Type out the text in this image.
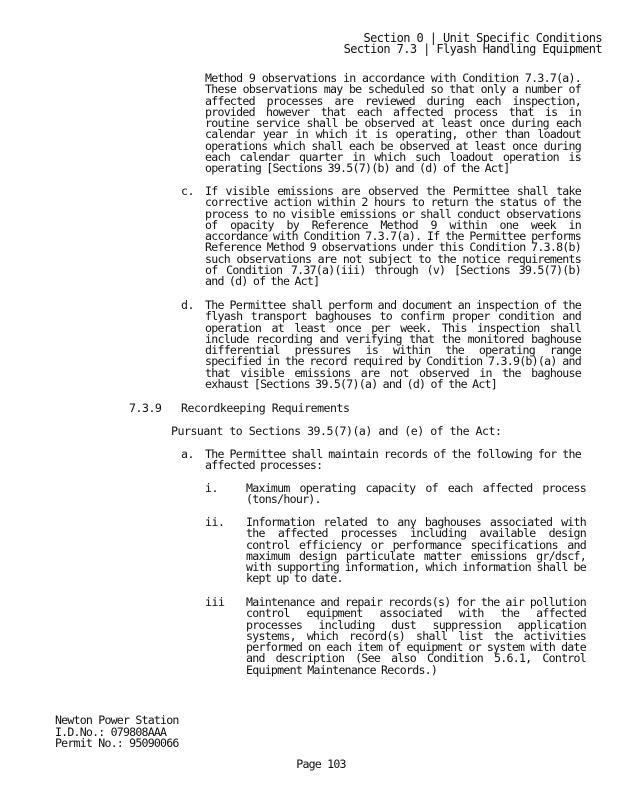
Section 0 | Unit Specific Conditions
Section 7.3 | Flyash Handling Equipment
Method 9 observations in accordance with Condition 7.3.7(a). These observations may be scheduled so that only a number of affected processes are reviewed during each inspection, provided however that each affected process that is in routine service shall be observed at least once during each calendar year in which it is operating, other than loadout operations which shall each be observed at least once during each calendar quarter in which such loadout operation is operating [Sections 39.5(7)(b) and (d) of the Act]
c. If visible emissions are observed the Permittee shall take corrective action within 2 hours to return the status of the process to no visible emissions or shall conduct observations of opacity by Reference Method 9 within one week in accordance with Condition 7.3.7(a). If the Permittee performs Reference Method 9 observations under this Condition 7.3.8(b) such observations are not subject to the notice requirements of Condition 7.37(a)(iii) through (v) [Sections 39.5(7)(b) and (d) of the Act]
d. The Permittee shall perform and document an inspection of the flyash transport baghouses to confirm proper condition and operation at least once per week. This inspection shall include recording and verifying that the monitored baghouse differential pressures is within the operating range specified in the record required by Condition 7.3.9(b)(a) and that visible emissions are not observed in the baghouse exhaust [Sections 39.5(7)(a) and (d) of the Act]
7.3.9 Recordkeeping Requirements
Pursuant to Sections 39.5(7)(a) and (e) of the Act:
a. The Permittee shall maintain records of the following for the affected processes:
i. Maximum operating capacity of each affected process (tons/hour).
ii. Information related to any baghouses associated with the affected processes including available design control efficiency or performance specifications and maximum design particulate matter emissions gr/dscf, with supporting information, which information shall be kept up to date.
iii Maintenance and repair records(s) for the air pollution control equipment associated with the affected processes including dust suppression application systems, which record(s) shall list the activities performed on each item of equipment or system with date and description (See also Condition 5.6.1, Control Equipment Maintenance Records.)
Newton Power Station
I.D.No.: 079808AAA
Permit No.: 95090066
Page 103
